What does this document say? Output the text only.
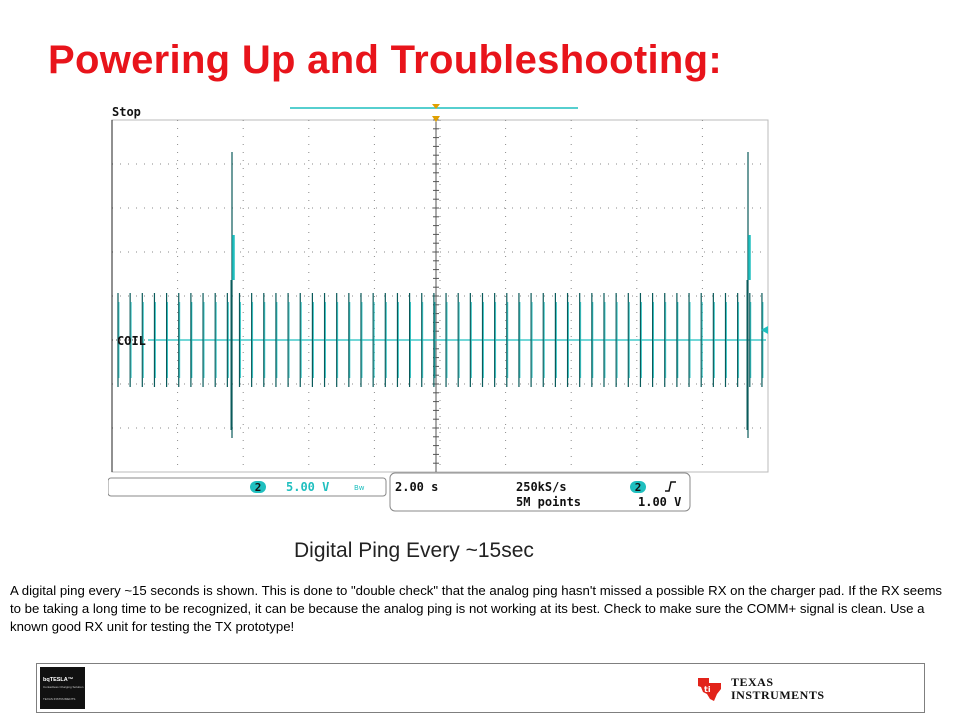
Powering Up and Troubleshooting:
Stop
COIL
2 5.00 V	Bw	2.00 s	250kS/s
5M points
2
1.00 V
Digital Ping Every ~15sec
A digital ping every ~15 seconds is shown. This is done to "double check" that the analog ping hasn't missed a possible RX on the charger pad. If the RX seems to be taking a long time to be recognized, it can be because the analog ping is not working at its best. Check to make sure the COMM+ signal is clean. Use a known good RX unit for testing the TX prototype!
bqTESLA™
Contactless Charging Solution
TEXAS INSTRUMENTS
ti
TEXAS
INSTRUMENTS
